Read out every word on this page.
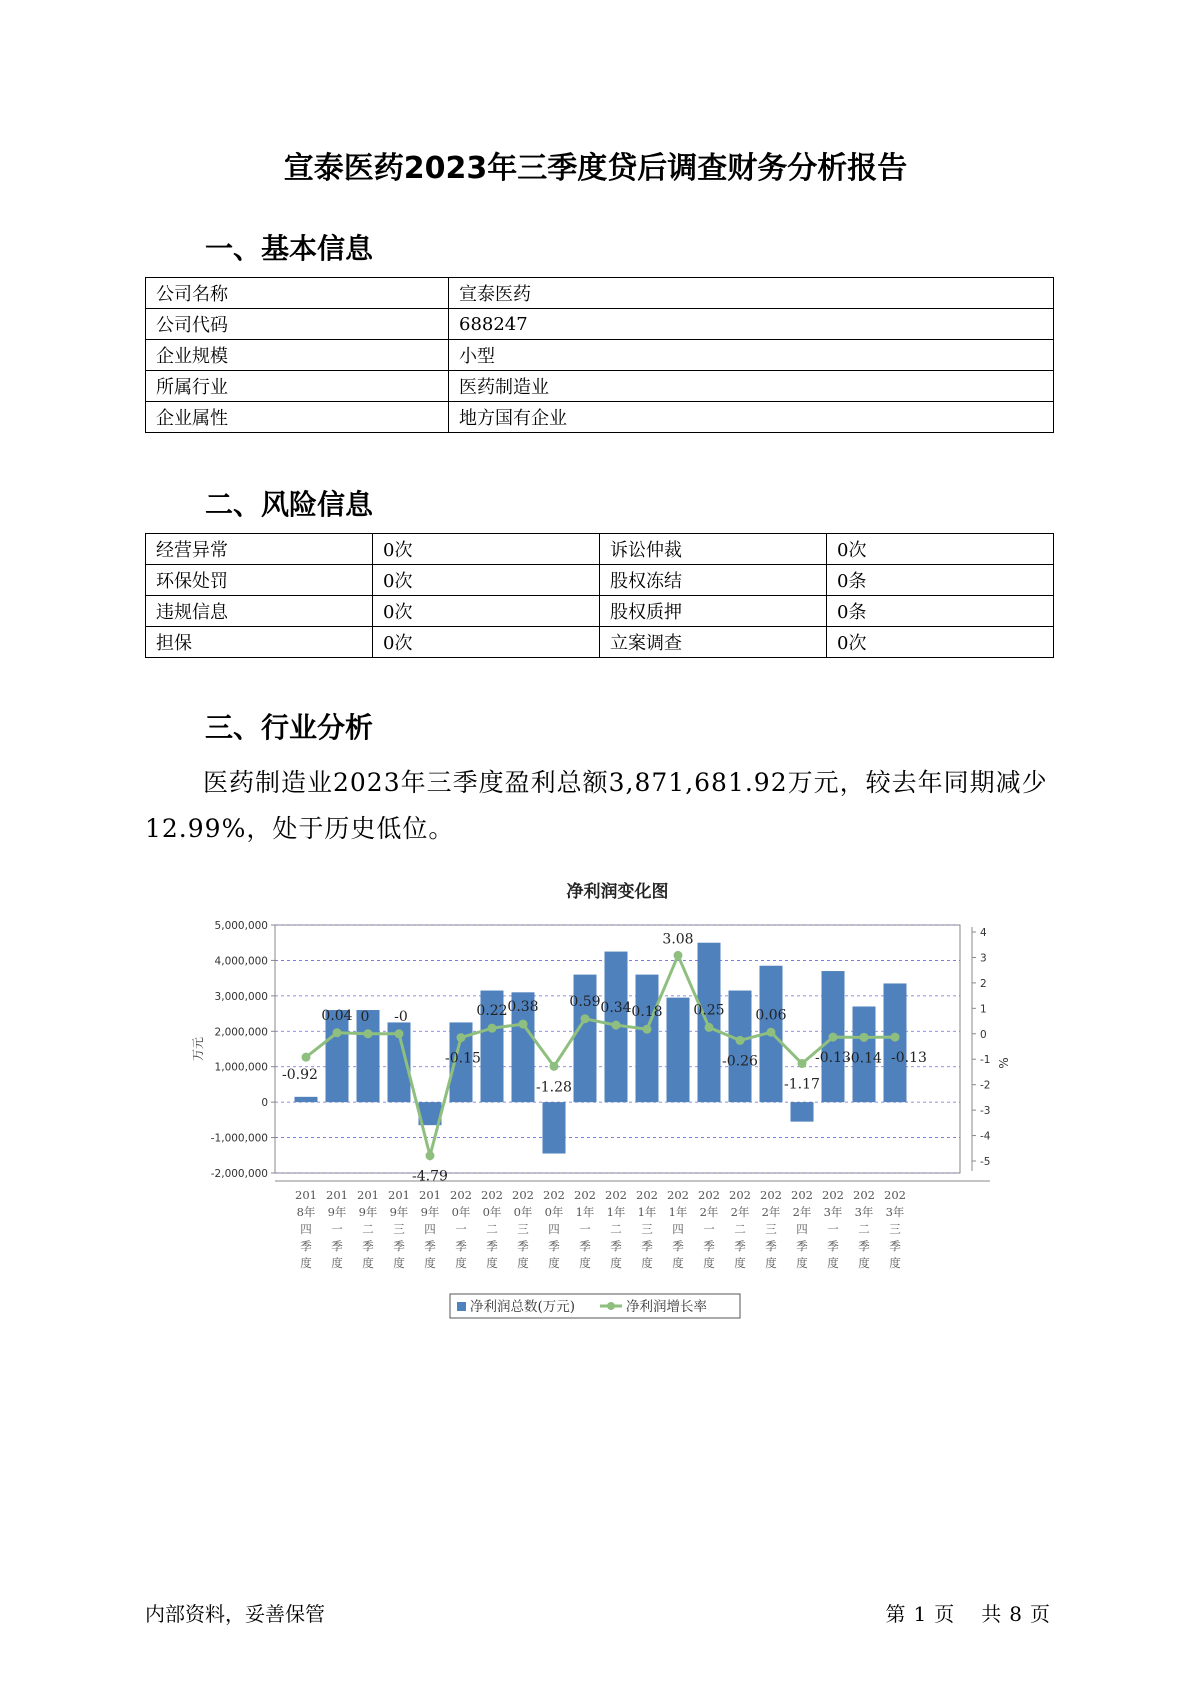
宣泰医药2023年三季度贷后调查财务分析报告
一、基本信息
公司名称	宣泰医药
公司代码	688247
企业规模	小型
所属行业	医药制造业
企业属性	地方国有企业
二、风险信息
经营异常	0次	诉讼仲裁	0次
环保处罚	0次	股权冻结	0条
违规信息	0次	股权质押	0条
担保	0次	立案调查	0次
三、行业分析
医药制造业2023年三季度盈利总额3,871,681.92万元，较去年同期减少12.99%，处于历史低位。
净利润变化图
5,000,000
4,000,000
3,000,000
2,000,000
1,000,000
0
-1,000,000
-2,000,000
万元
4
3
2
1
0
-1
-2
-3
-4
-5
%
201
8年
四
季
度
201
9年
一
季
度
201
9年
二
季
度
201
9年
三
季
度
201
9年
四
季
度
202
0年
一
季
度
202
0年
二
季
度
202
0年
三
季
度
202
0年
四
季
度
202
1年
一
季
度
202
1年
二
季
度
202
1年
三
季
度
202
1年
四
季
度
202
2年
一
季
度
202
2年
二
季
度
202
2年
三
季
度
202
2年
四
季
度
202
3年
一
季
度
202
3年
二
季
度
202
3年
三
季
度
-0.92
0.04 0 -0
-4.79
-0.15
0.22 0.38
-1.28
0.59 0.34 0.18
3.08
0.25
-0.26
0.06
-1.17
-0.13
-0.14 -0.13
净利润总数(万元)	净利润增长率
内部资料，妥善保管	第 1 页 共 8 页
